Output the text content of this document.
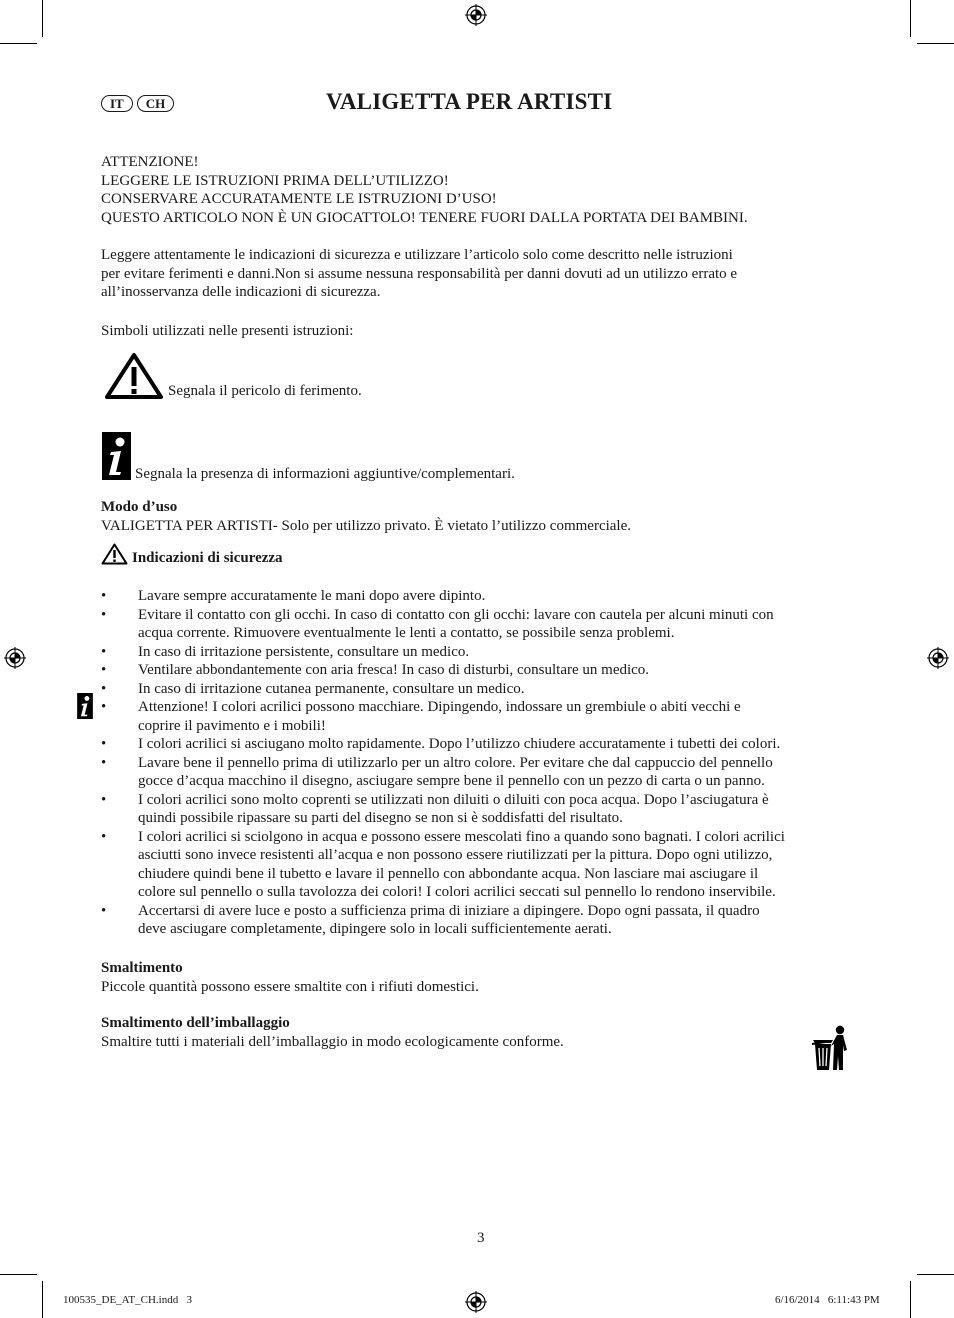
IT CH	VALIGETTA PER ARTISTI
ATTENZIONE!
LEGGERE LE ISTRUZIONI PRIMA DELL’UTILIZZO!
CONSERVARE ACCURATAMENTE LE ISTRUZIONI D’USO!
QUESTO ARTICOLO NON È UN GIOCATTOLO! TENERE FUORI DALLA PORTATA DEI BAMBINI.
Leggere attentamente le indicazioni di sicurezza e utilizzare l’articolo solo come descritto nelle istruzioni
per evitare ferimenti e danni.Non si assume nessuna responsabilità per danni dovuti ad un utilizzo errato e
all’inosservanza delle indicazioni di sicurezza.
Simboli utilizzati nelle presenti istruzioni:
Segnala il pericolo di ferimento.
Segnala la presenza di informazioni aggiuntive/complementari.
Modo d’uso
VALIGETTA PER ARTISTI- Solo per utilizzo privato. È vietato l’utilizzo commerciale.
Indicazioni di sicurezza
• Lavare sempre accuratamente le mani dopo avere dipinto.
• Evitare il contatto con gli occhi. In caso di contatto con gli occhi: lavare con cautela per alcuni minuti con
acqua corrente. Rimuovere eventualmente le lenti a contatto, se possibile senza problemi.
• In caso di irritazione persistente, consultare un medico.
• Ventilare abbondantemente con aria fresca! In caso di disturbi, consultare un medico.
• In caso di irritazione cutanea permanente, consultare un medico.
• Attenzione! I colori acrilici possono macchiare. Dipingendo, indossare un grembiule o abiti vecchi e
coprire il pavimento e i mobili!
• I colori acrilici si asciugano molto rapidamente. Dopo l’utilizzo chiudere accuratamente i tubetti dei colori.
• Lavare bene il pennello prima di utilizzarlo per un altro colore. Per evitare che dal cappuccio del pennello
gocce d’acqua macchino il disegno, asciugare sempre bene il pennello con un pezzo di carta o un panno.
• I colori acrilici sono molto coprenti se utilizzati non diluiti o diluiti con poca acqua. Dopo l’asciugatura è
quindi possibile ripassare su parti del disegno se non si è soddisfatti del risultato.
• I colori acrilici si sciolgono in acqua e possono essere mescolati fino a quando sono bagnati. I colori acrilici
asciutti sono invece resistenti all’acqua e non possono essere riutilizzati per la pittura. Dopo ogni utilizzo,
chiudere quindi bene il tubetto e lavare il pennello con abbondante acqua. Non lasciare mai asciugare il
colore sul pennello o sulla tavolozza dei colori! I colori acrilici seccati sul pennello lo rendono inservibile.
• Accertarsi di avere luce e posto a sufficienza prima di iniziare a dipingere. Dopo ogni passata, il quadro
deve asciugare completamente, dipingere solo in locali sufficientemente aerati.
Smaltimento
Piccole quantità possono essere smaltite con i rifiuti domestici.
Smaltimento dell’imballaggio
Smaltire tutti i materiali dell’imballaggio in modo ecologicamente conforme.
3
100535_DE_AT_CH.indd   3	6/16/2014   6:11:43 PM
